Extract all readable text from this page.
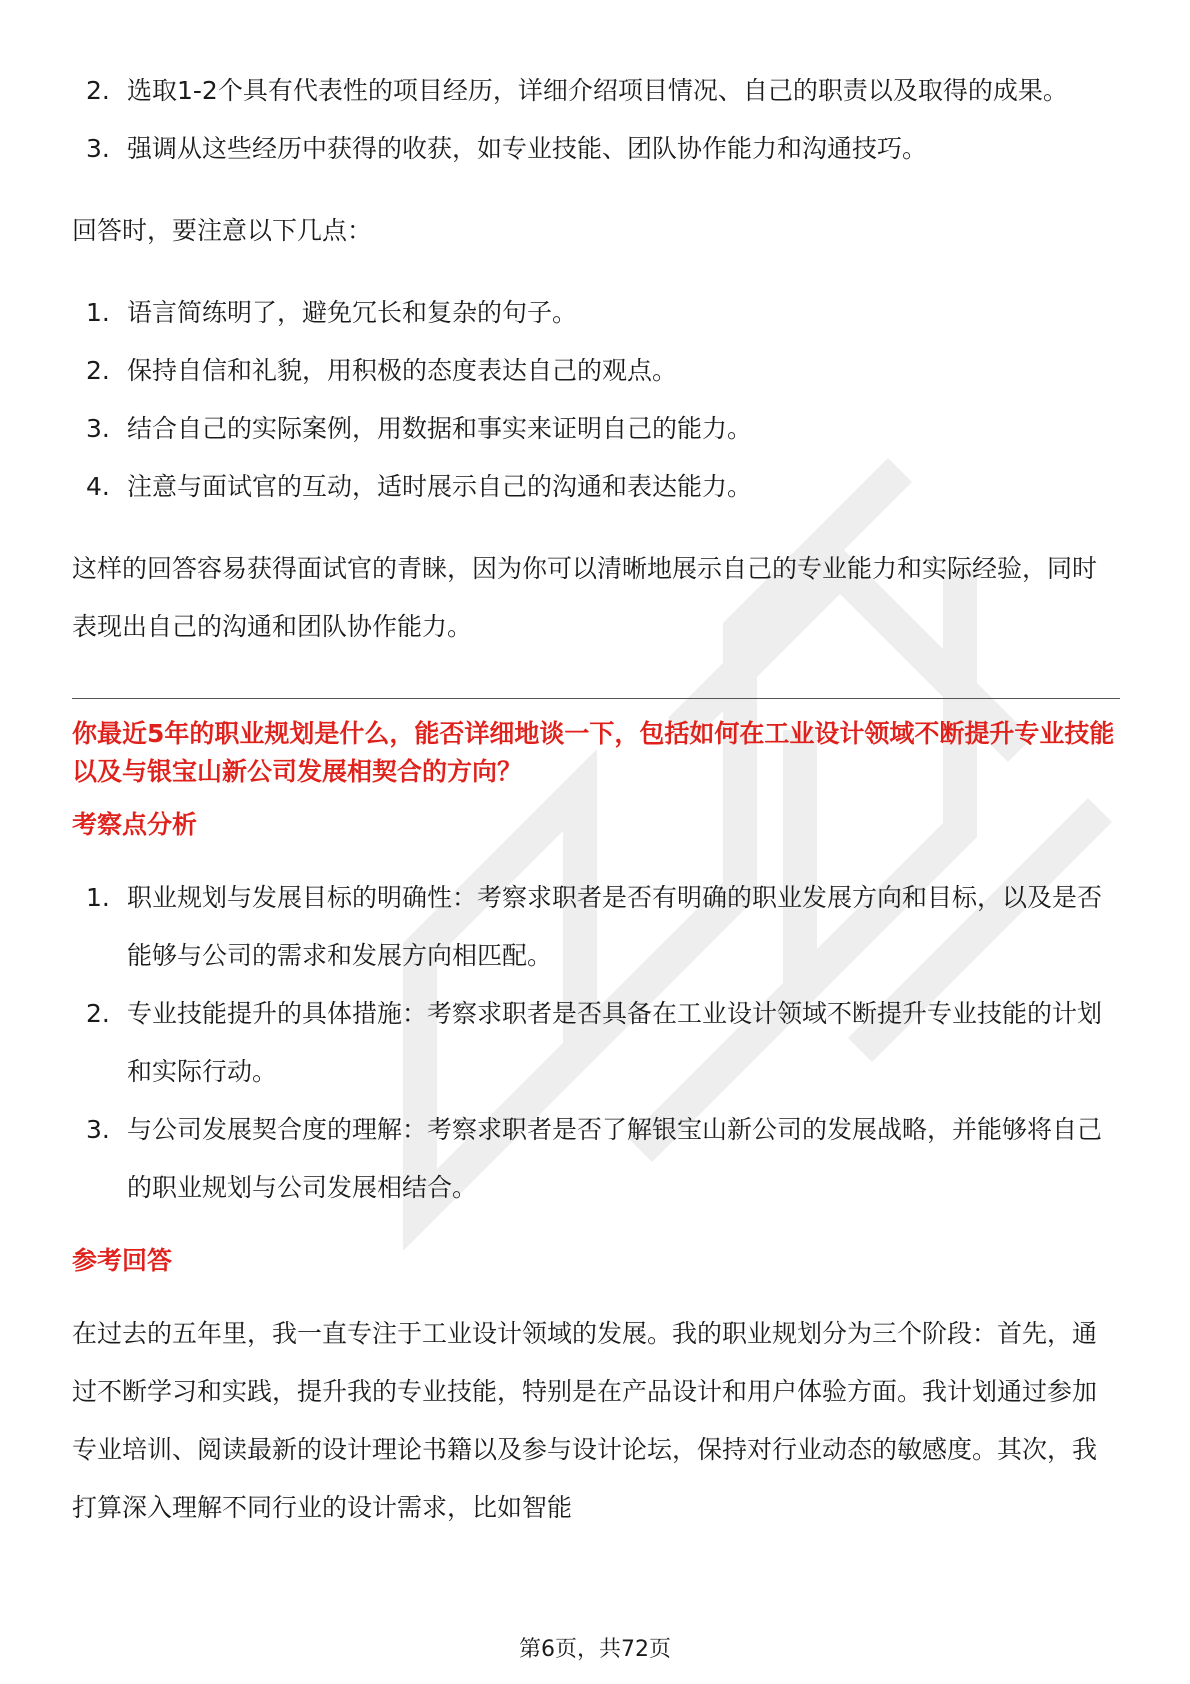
2. 选取1-2个具有代表性的项目经历，详细介绍项目情况、自己的职责以及取得的成果。
3. 强调从这些经历中获得的收获，如专业技能、团队协作能力和沟通技巧。

回答时，要注意以下几点：

1. 语言简练明了，避免冗长和复杂的句子。
2. 保持自信和礼貌，用积极的态度表达自己的观点。
3. 结合自己的实际案例，用数据和事实来证明自己的能力。
4. 注意与面试官的互动，适时展示自己的沟通和表达能力。

这样的回答容易获得面试官的青睐，因为你可以清晰地展示自己的专业能力和实际经验，同时表现出自己的沟通和团队协作能力。

你最近5年的职业规划是什么，能否详细地谈一下，包括如何在工业设计领域不断提升专业技能以及与银宝山新公司发展相契合的方向？

考察点分析

1. 职业规划与发展目标的明确性：考察求职者是否有明确的职业发展方向和目标，以及是否能够与公司的需求和发展方向相匹配。
2. 专业技能提升的具体措施：考察求职者是否具备在工业设计领域不断提升专业技能的计划和实际行动。
3. 与公司发展契合度的理解：考察求职者是否了解银宝山新公司的发展战略，并能够将自己的职业规划与公司发展相结合。

参考回答

在过去的五年里，我一直专注于工业设计领域的发展。我的职业规划分为三个阶段：首先，通过不断学习和实践，提升我的专业技能，特别是在产品设计和用户体验方面。我计划通过参加专业培训、阅读最新的设计理论书籍以及参与设计论坛，保持对行业动态的敏感度。其次，我打算深入理解不同行业的设计需求，比如智能

第6页，共72页
